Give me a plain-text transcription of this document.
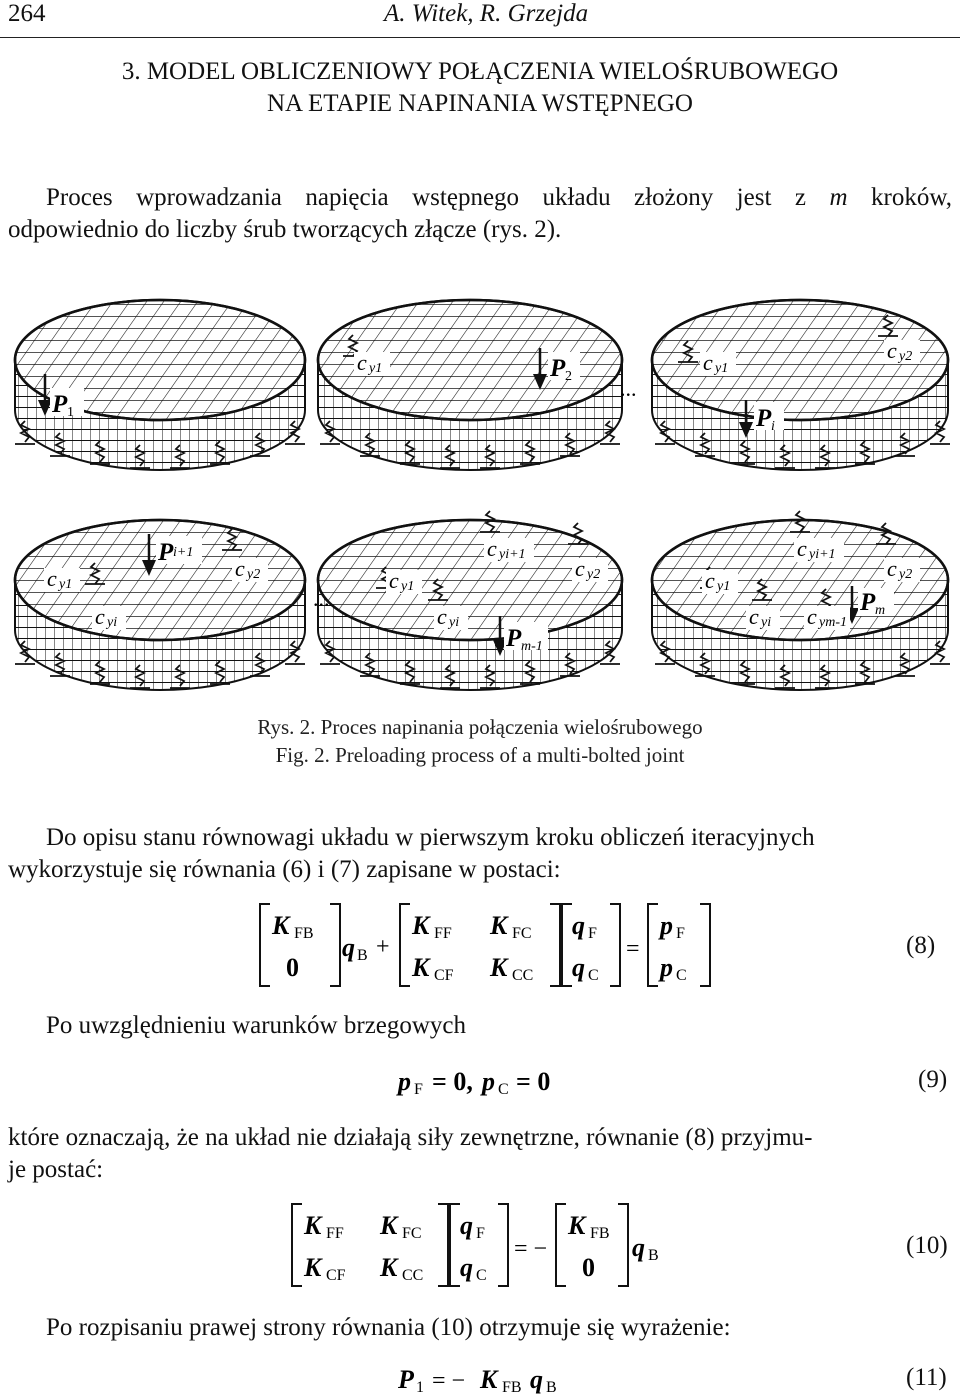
264	A. Witek, R. Grzejda
3. MODEL OBLICZENIOWY POŁĄCZENIA WIELOŚRUBOWEGO
NA ETAPIE NAPINANIA WSTĘPNEGO
Proces wprowadzania napięcia wstępnego układu złożony jest z m kroków,
odpowiednio do liczby śrub tworzących złącze (rys. 2).
P 1
c y1	P 2 ...
c y1
c y2
P i
c y1
P i+1
c y2
c yi
...
c y1
c yi+1
c y2
c yi
P m-1
c y1
c yi+1
c y2
c yi c ym-1
P m
Rys. 2. Proces napinania połączenia wielośrubowego
Fig. 2. Preloading process of a multi-bolted joint
Do opisu stanu równowagi układu w pierwszym kroku obliczeń iteracyjnych
wykorzystuje się równania (6) i (7) zapisane w postaci:
K FB
0
q B +
K FF K FC
K CF K CC
q F
q C
=
p F
p C
(8)
Po uwzględnieniu warunków brzegowych
p F = 0, p C = 0	(9)
które oznaczają, że na układ nie działają siły zewnętrzne, równanie (8) przyjmu-
je postać:
K FF K FC
K CF K CC
q F
q C
= −
K FB
0
q B	(10)
Po rozpisaniu prawej strony równania (10) otrzymuje się wyrażenie:
P 1 = − K FB q B	(11)
